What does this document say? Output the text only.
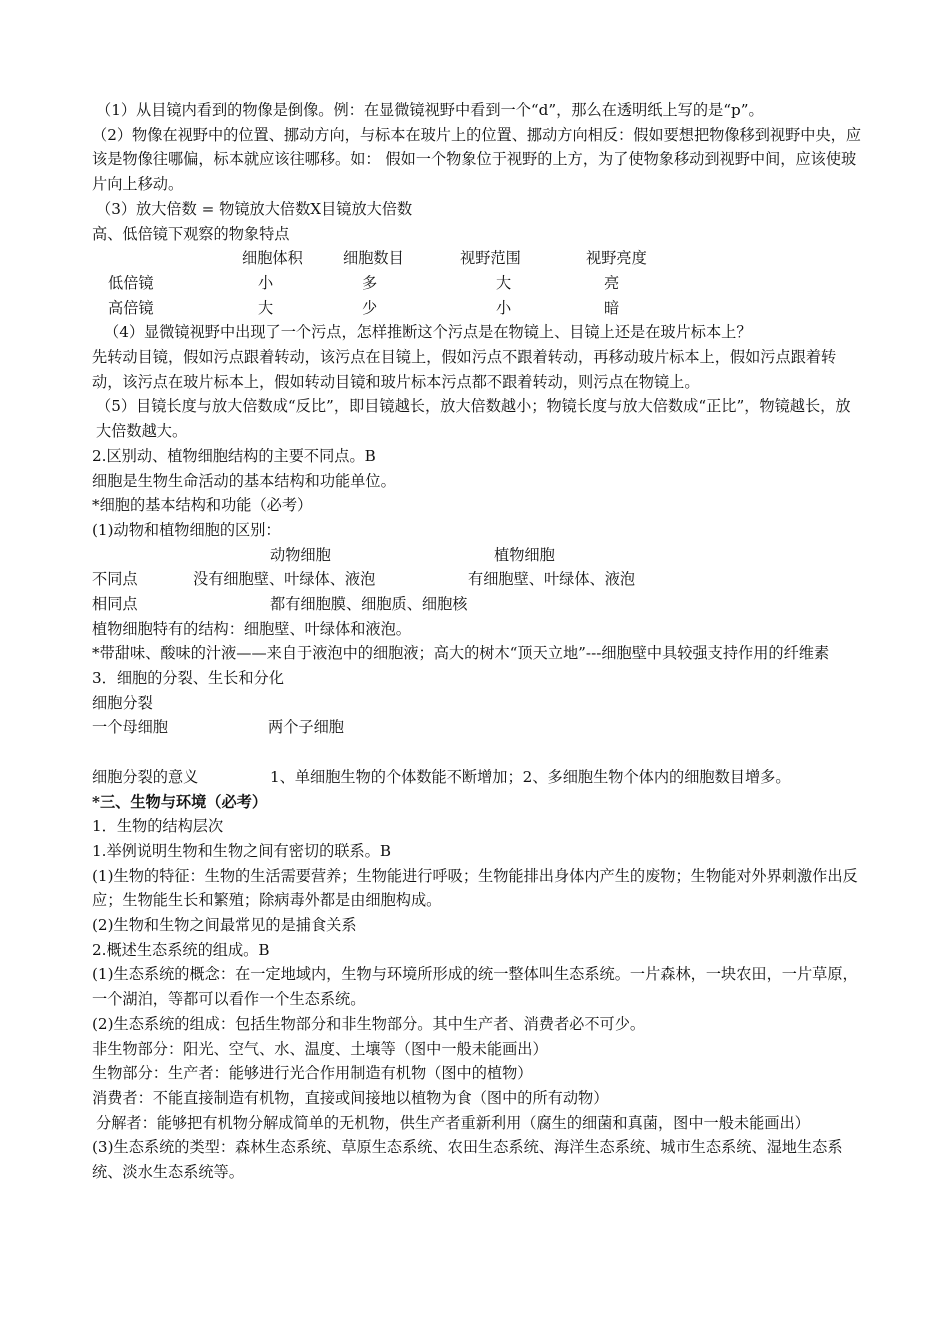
（1）从目镜内看到的物像是倒像。例：在显微镜视野中看到一个“d”，那么在透明纸上写的是“p”。
（2）物像在视野中的位置、挪动方向，与标本在玻片上的位置、挪动方向相反：假如要想把物像移到视野中央，应该是物像往哪偏，标本就应该往哪移。如： 假如一个物象位于视野的上方，为了使物象移动到视野中间，应该使玻片向上移动。
（3）放大倍数 = 物镜放大倍数X目镜放大倍数
高、低倍镜下观察的物象特点
细胞体积	细胞数目	视野范围	视野亮度
低倍镜	小	多	大	亮
高倍镜	大	少	小	暗
（4）显微镜视野中出现了一个污点，怎样推断这个污点是在物镜上、目镜上还是在玻片标本上？
先转动目镜，假如污点跟着转动，该污点在目镜上，假如污点不跟着转动，再移动玻片标本上，假如污点跟着转动，该污点在玻片标本上，假如转动目镜和玻片标本污点都不跟着转动，则污点在物镜上。
（5）目镜长度与放大倍数成“反比”，即目镜越长，放大倍数越小；物镜长度与放大倍数成“正比”，物镜越长，放大倍数越大。
2.区别动、植物细胞结构的主要不同点。B
细胞是生物生命活动的基本结构和功能单位。
*细胞的基本结构和功能（必考）
(1)动物和植物细胞的区别：
动物细胞	植物细胞
不同点	没有细胞壁、叶绿体、液泡	有细胞壁、叶绿体、液泡
相同点	都有细胞膜、细胞质、细胞核
植物细胞特有的结构：细胞壁、叶绿体和液泡。
*带甜味、酸味的汁液——来自于液泡中的细胞液；高大的树木“顶天立地”---细胞壁中具较强支持作用的纤维素
3．细胞的分裂、生长和分化
细胞分裂
一个母细胞	两个子细胞
细胞分裂的意义	1、单细胞生物的个体数能不断增加；2、多细胞生物个体内的细胞数目增多。
*三、生物与环境（必考）
1．生物的结构层次
1.举例说明生物和生物之间有密切的联系。B
(1)生物的特征：生物的生活需要营养；生物能进行呼吸；生物能排出身体内产生的废物；生物能对外界刺激作出反应；生物能生长和繁殖；除病毒外都是由细胞构成。
(2)生物和生物之间最常见的是捕食关系
2.概述生态系统的组成。B
(1)生态系统的概念：在一定地域内，生物与环境所形成的统一整体叫生态系统。一片森林，一块农田，一片草原，一个湖泊，等都可以看作一个生态系统。
(2)生态系统的组成：包括生物部分和非生物部分。其中生产者、消费者必不可少。
非生物部分：阳光、空气、水、温度、土壤等（图中一般未能画出）
生物部分：生产者：能够进行光合作用制造有机物（图中的植物）
消费者：不能直接制造有机物，直接或间接地以植物为食（图中的所有动物）
分解者：能够把有机物分解成简单的无机物，供生产者重新利用（腐生的细菌和真菌，图中一般未能画出）
(3)生态系统的类型：森林生态系统、草原生态系统、农田生态系统、海洋生态系统、城市生态系统、湿地生态系统、淡水生态系统等。
